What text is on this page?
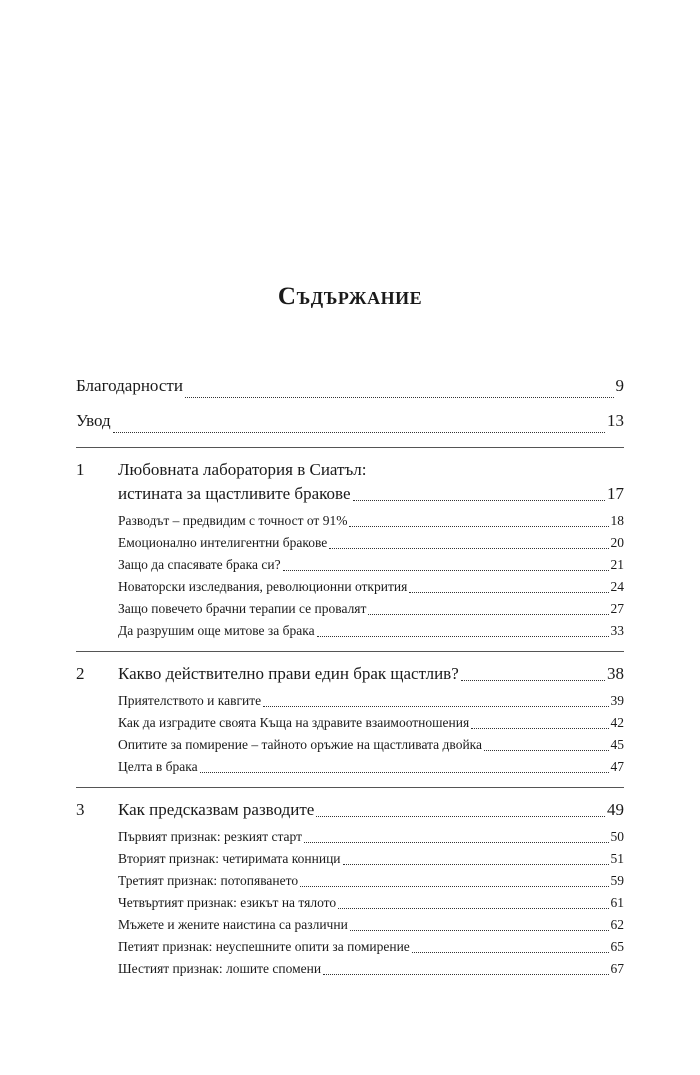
Съдържание
Благодарности	9
Увод	13
1	Любовната лаборатория в Сиатъл:
истината за щастливите бракове	17
Разводът – предвидим с точност от 91%	18
Емоционално интелигентни бракове	20
Защо да спасявате брака си?	21
Новаторски изследвания, революционни открития	24
Защо повечето брачни терапии се провалят	27
Да разрушим още митове за брака	33
2	Какво действително прави един брак щастлив?	38
Приятелството и кавгите	39
Как да изградите своята Къща на здравите взаимоотношения	42
Опитите за помирение – тайното оръжие на щастливата двойка	45
Целта в брака	47
3	Как предсказвам разводите	49
Първият признак: резкият старт	50
Вторият признак: четиримата конници	51
Третият признак: потопяването	59
Четвъртият признак: езикът на тялото	61
Мъжете и жените наистина са различни	62
Петият признак: неуспешните опити за помирение	65
Шестият признак: лошите спомени	67
